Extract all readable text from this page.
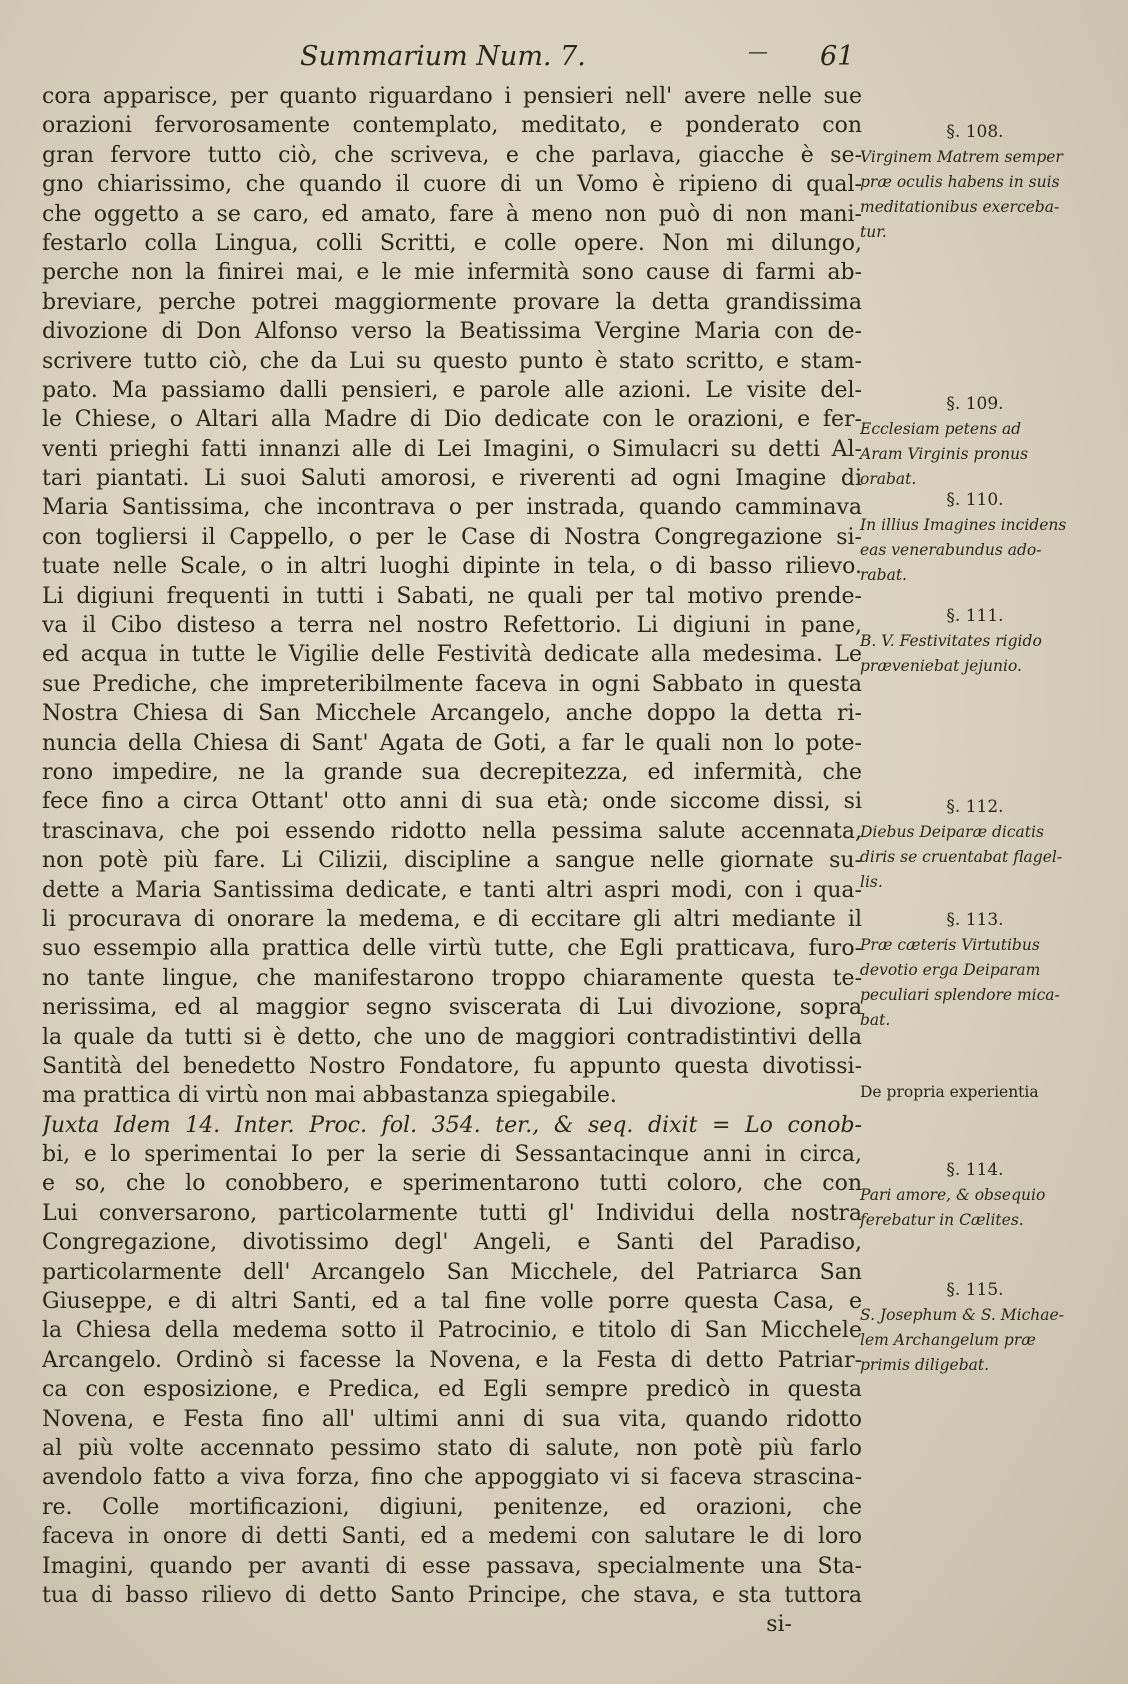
Summarium Num. 7.	— 61
cora apparisce, per quanto riguardano i pensieri nell' avere nelle sue
orazioni fervorosamente contemplato, meditato, e ponderato con
gran fervore tutto ciò, che scriveva, e che parlava, giacche è se-
gno chiarissimo, che quando il cuore di un Vomo è ripieno di qual-
che oggetto a se caro, ed amato, fare à meno non può di non mani-
festarlo colla Lingua, colli Scritti, e colle opere. Non mi dilungo,
perche non la finirei mai, e le mie infermità sono cause di farmi ab-
breviare, perche potrei maggiormente provare la detta grandissima
divozione di Don Alfonso verso la Beatissima Vergine Maria con de-
scrivere tutto ciò, che da Lui su questo punto è stato scritto, e stam-
pato. Ma passiamo dalli pensieri, e parole alle azioni. Le visite del-
le Chiese, o Altari alla Madre di Dio dedicate con le orazioni, e fer-
venti prieghi fatti innanzi alle di Lei Imagini, o Simulacri su detti Al-
tari piantati. Li suoi Saluti amorosi, e riverenti ad ogni Imagine di
Maria Santissima, che incontrava o per instrada, quando camminava
con togliersi il Cappello, o per le Case di Nostra Congregazione si-
tuate nelle Scale, o in altri luoghi dipinte in tela, o di basso rilievo.
Li digiuni frequenti in tutti i Sabati, ne quali per tal motivo prende-
va il Cibo disteso a terra nel nostro Refettorio. Li digiuni in pane,
ed acqua in tutte le Vigilie delle Festività dedicate alla medesima. Le
sue Prediche, che impreteribilmente faceva in ogni Sabbato in questa
Nostra Chiesa di San Micchele Arcangelo, anche doppo la detta ri-
nuncia della Chiesa di Sant' Agata de Goti, a far le quali non lo pote-
rono impedire, ne la grande sua decrepitezza, ed infermità, che
fece fino a circa Ottant' otto anni di sua età; onde siccome dissi, si
trascinava, che poi essendo ridotto nella pessima salute accennata,
non potè più fare. Li Cilizii, discipline a sangue nelle giornate su-
dette a Maria Santissima dedicate, e tanti altri aspri modi, con i qua-
li procurava di onorare la medema, e di eccitare gli altri mediante il
suo essempio alla prattica delle virtù tutte, che Egli pratticava, furo-
no tante lingue, che manifestarono troppo chiaramente questa te-
nerissima, ed al maggior segno sviscerata di Lui divozione, sopra
la quale da tutti si è detto, che uno de maggiori contradistintivi della
Santità del benedetto Nostro Fondatore, fu appunto questa divotissi-
ma prattica di virtù non mai abbastanza spiegabile.
Juxta Idem 14. Inter. Proc. fol. 354. ter., & seq. dixit = Lo conob-
bi, e lo sperimentai Io per la serie di Sessantacinque anni in circa,
e so, che lo conobbero, e sperimentarono tutti coloro, che con
Lui conversarono, particolarmente tutti gl' Individui della nostra
Congregazione, divotissimo degl' Angeli, e Santi del Paradiso,
particolarmente dell' Arcangelo San Micchele, del Patriarca San
Giuseppe, e di altri Santi, ed a tal fine volle porre questa Casa, e
la Chiesa della medema sotto il Patrocinio, e titolo di San Micchele
Arcangelo. Ordinò si facesse la Novena, e la Festa di detto Patriar-
ca con esposizione, e Predica, ed Egli sempre predicò in questa
Novena, e Festa fino all' ultimi anni di sua vita, quando ridotto
al più volte accennato pessimo stato di salute, non potè più farlo
avendolo fatto a viva forza, fino che appoggiato vi si faceva strascina-
re. Colle mortificazioni, digiuni, penitenze, ed orazioni, che
faceva in onore di detti Santi, ed a medemi con salutare le di loro
Imagini, quando per avanti di esse passava, specialmente una Sta-
tua di basso rilievo di detto Santo Principe, che stava, e sta tuttora
si-
§. 108.
Virginem Matrem semper
præ oculis habens in suis
meditationibus exerceba-
tur.
§. 109.
Ecclesiam petens ad
Aram Virginis pronus
orabat.
§. 110.
In illius Imagines incidens
eas venerabundus ado-
rabat.
§. 111.
B. V. Festivitates rigido
præveniebat jejunio.
§. 112.
Diebus Deiparæ dicatis
diris se cruentabat flagel-
lis.
§. 113.
Præ cæteris Virtutibus
devotio erga Deiparam
peculiari splendore mica-
bat.
De propria experientia
§. 114.
Pari amore, & obsequio
ferebatur in Cælites.
§. 115.
S. Josephum & S. Michae-
lem Archangelum præ
primis diligebat.
